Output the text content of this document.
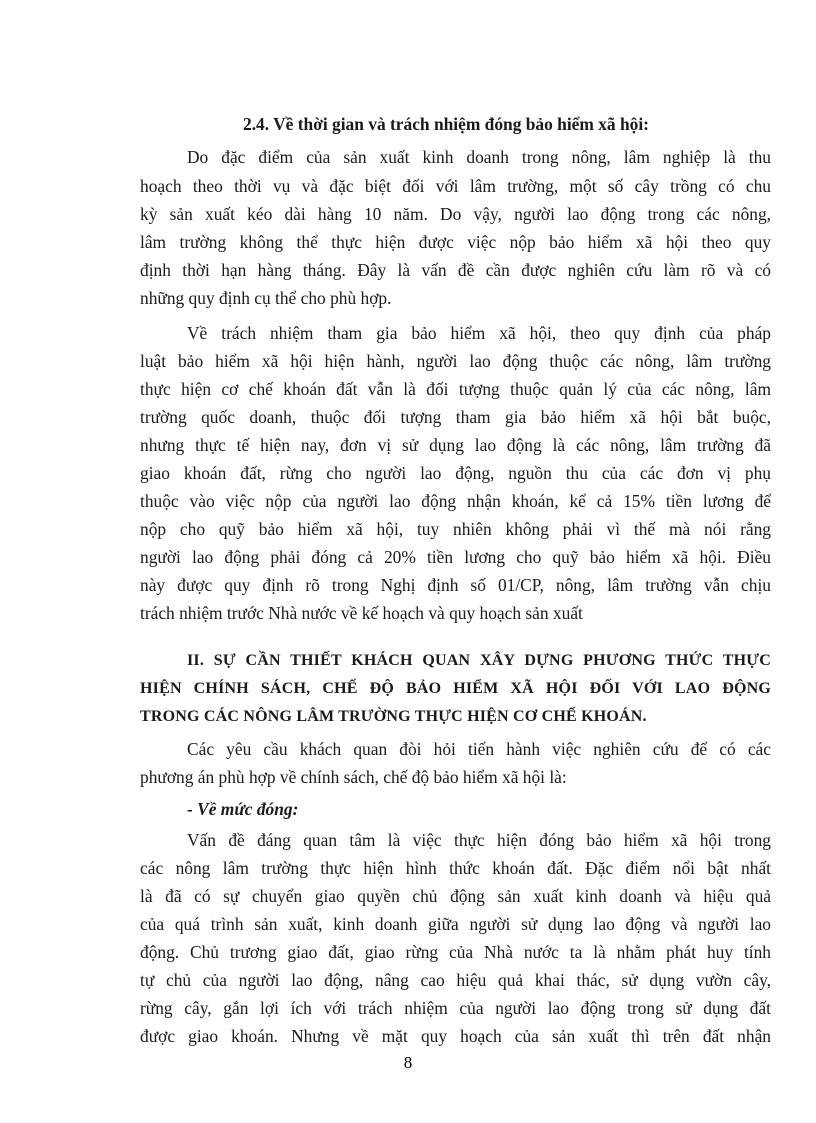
2.4. Về thời gian và trách nhiệm đóng bảo hiểm xã hội:
Do đặc điểm của sản xuất kinh doanh trong nông, lâm nghiệp là thu
hoạch theo thời vụ và đặc biệt đối với lâm trường, một số cây trồng có chu
kỳ sản xuất kéo dài hàng 10 năm. Do vậy, người lao động trong các nông,
lâm trường không thể thực hiện được việc nộp bảo hiểm xã hội theo quy
định thời hạn hàng tháng. Đây là vấn đề cần được nghiên cứu làm rõ và có
những quy định cụ thể cho phù hợp.
Về trách nhiệm tham gia bảo hiểm xã hội, theo quy định của pháp
luật bảo hiểm xã hội hiện hành, người lao động thuộc các nông, lâm trường
thực hiện cơ chế khoán đất vẫn là đối tượng thuộc quản lý của các nông, lâm
trường quốc doanh, thuộc đối tượng tham gia bảo hiểm xã hội bắt buộc,
nhưng thực tế hiện nay, đơn vị sử dụng lao động là các nông, lâm trường đã
giao khoán đất, rừng cho người lao động, nguồn thu của các đơn vị phụ
thuộc vào việc nộp của người lao động nhận khoán, kể cả 15% tiền lương để
nộp cho quỹ bảo hiểm xã hội, tuy nhiên không phải vì thế mà nói rằng
người lao động phải đóng cả 20% tiền lương cho quỹ bảo hiểm xã hội. Điều
này được quy định rõ trong Nghị định số 01/CP, nông, lâm trường vẫn chịu
trách nhiệm trước Nhà nước về kế hoạch và quy hoạch sản xuất
II. SỰ CẦN THIẾT KHÁCH QUAN XÂY DỰNG PHƯƠNG THỨC THỰC
HIỆN CHÍNH SÁCH, CHẾ ĐỘ BẢO HIỂM XÃ HỘI ĐỐI VỚI LAO ĐỘNG
TRONG CÁC NÔNG LÂM TRƯỜNG THỰC HIỆN CƠ CHẾ KHOÁN.
Các yêu cầu khách quan đòi hỏi tiến hành việc nghiên cứu để có các
phương án phù hợp về chính sách, chế độ bảo hiểm xã hội là:
- Về mức đóng:
Vấn đề đáng quan tâm là việc thực hiện đóng bảo hiểm xã hội trong
các nông lâm trường thực hiện hình thức khoán đất. Đặc điểm nổi bật nhất
là đã có sự chuyển giao quyền chủ động sản xuất kinh doanh và hiệu quả
của quá trình sản xuất, kinh doanh giữa người sử dụng lao động và người lao
động. Chủ trương giao đất, giao rừng của Nhà nước ta là nhằm phát huy tính
tự chủ của người lao động, nâng cao hiệu quả khai thác, sử dụng vườn cây,
rừng cây, gắn lợi ích với trách nhiệm của người lao động trong sử dụng đất
được giao khoán. Nhưng về mặt quy hoạch của sản xuất thì trên đất nhận
8
